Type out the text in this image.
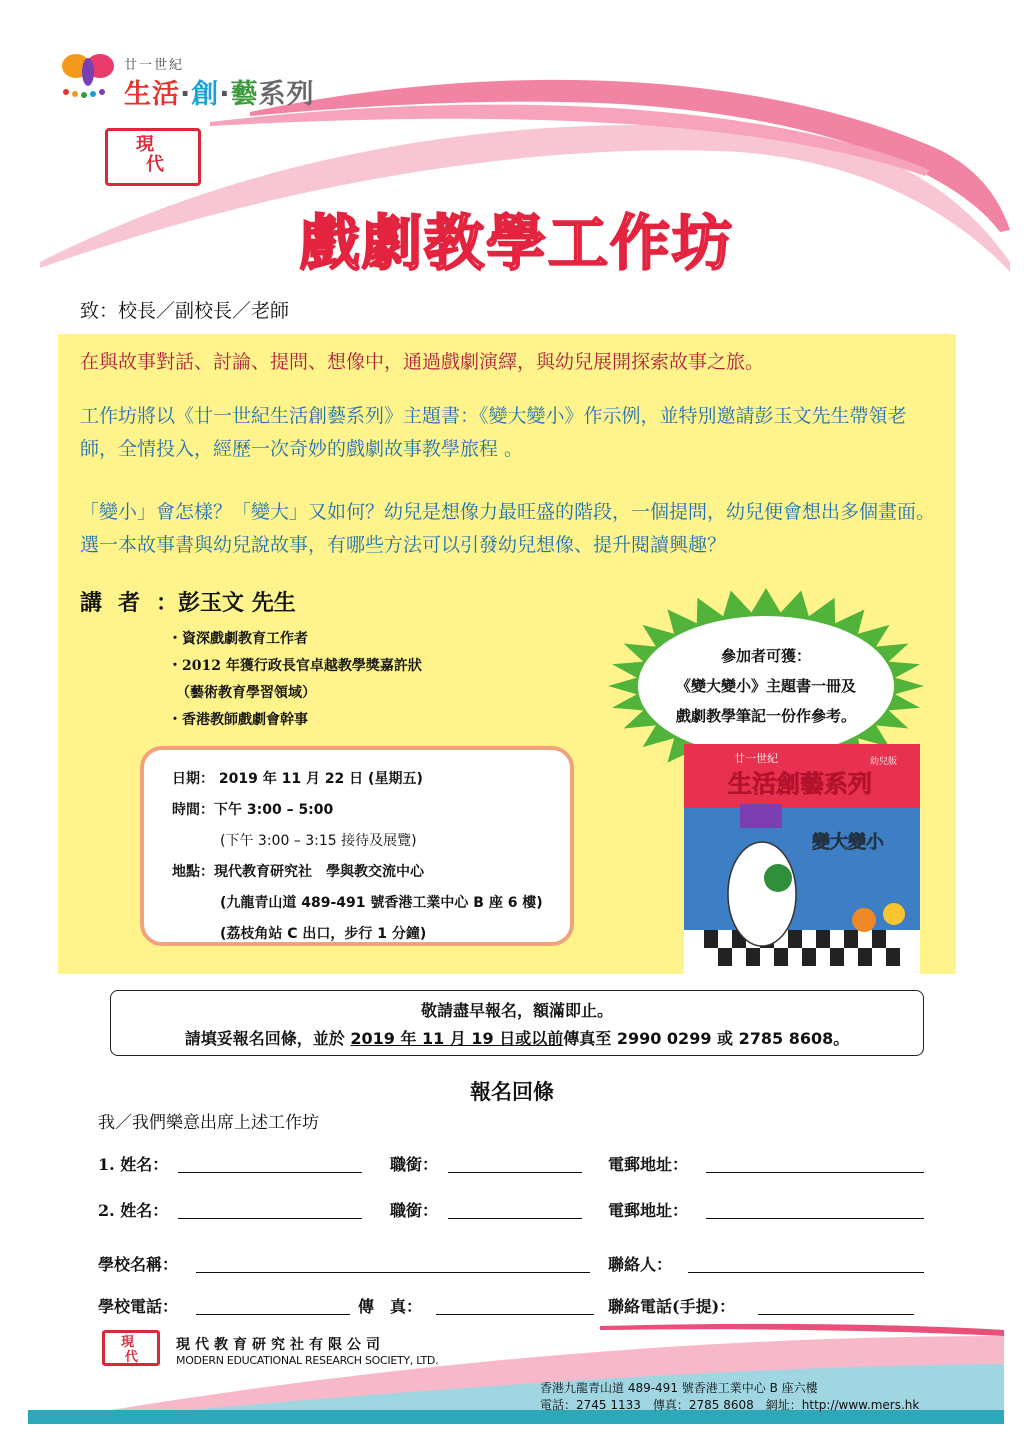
廿一世紀
生活·創·藝系列
現
代
戲劇教學工作坊
致：校長／副校長／老師
在與故事對話、討論、提問、想像中，通過戲劇演繹，與幼兒展開探索故事之旅。
工作坊將以《廿一世紀生活創藝系列》主題書：《變大變小》作示例，並特別邀請彭玉文先生帶領老師，全情投入，經歷一次奇妙的戲劇故事教學旅程 。
「變小」會怎樣？「變大」又如何？幼兒是想像力最旺盛的階段，一個提問，幼兒便會想出多個畫面。選一本故事書與幼兒說故事，有哪些方法可以引發幼兒想像、提升閱讀興趣？
講者：彭玉文 先生
・資深戲劇教育工作者
・2012 年獲行政長官卓越教學獎嘉許狀
（藝術教育學習領域）
・香港教師戲劇會幹事
參加者可獲：
《變大變小》主題書一冊及
戲劇教學筆記一份作參考。
日期： 2019 年 11 月 22 日 (星期五)
時間：下午 3:00 – 5:00
(下午 3:00 – 3:15 接待及展覽)
地點：現代教育研究社　學與教交流中心
(九龍青山道 489-491 號香港工業中心 B 座 6 樓)
(荔枝角站 C 出口，步行 1 分鐘)
廿一世紀	幼兒版
生活創藝系列
變大變小
敬請盡早報名，額滿即止。
請填妥報名回條，並於 2019 年 11 月 19 日或以前傳真至 2990 0299 或 2785 8608。
報名回條
我／我們樂意出席上述工作坊
1. 姓名：	職銜：	電郵地址：
2. 姓名：	職銜：	電郵地址：
學校名稱：	聯絡人：
學校電話：	傳　真：	聯絡電話(手提)：
現
代
現代教育研究社有限公司
MODERN EDUCATIONAL RESEARCH SOCIETY, LTD.
香港九龍青山道 489-491 號香港工業中心 B 座六樓
電話：2745 1133　傳真：2785 8608　網址：http://www.mers.hk
